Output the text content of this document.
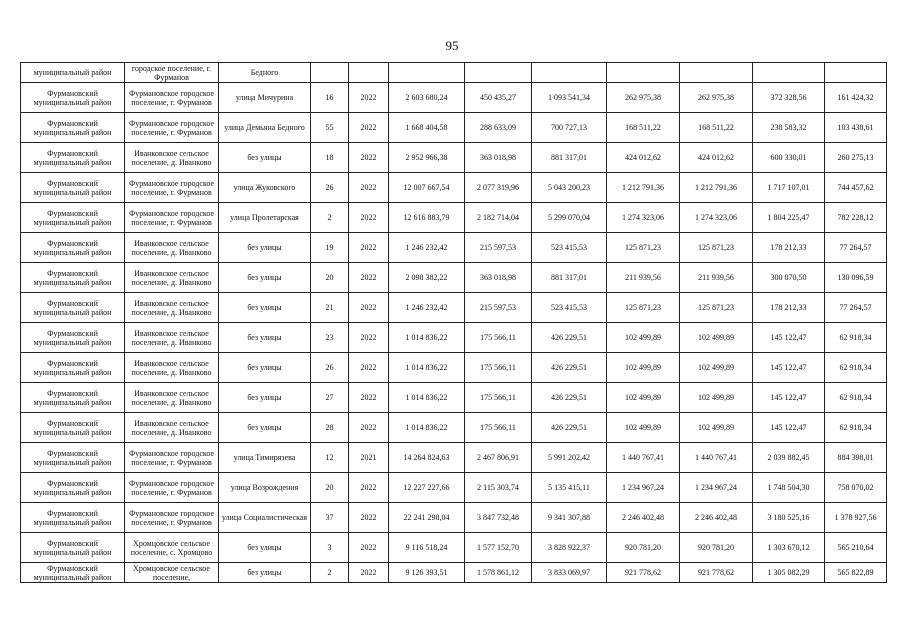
95
муниципальный район	городское поселение, г. Фурманов	Бедного									
Фурмановский муниципальный район	Фурмановское городское поселение, г. Фурманов	улица Мичурина	16	2022	2 603 680,24	450 435,27	1 093 541,34	262 975,38	262 975,38	372 328,56	161 424,32
Фурмановский муниципальный район	Фурмановское городское поселение, г. Фурманов	улица Демьяна Бедного	55	2022	1 668 404,58	288 633,09	700 727,13	168 511,22	168 511,22	238 583,32	103 438,61
Фурмановский муниципальный район	Иванковское сельское поселение, д. Иванково	без улицы	18	2022	2 952 966,38	363 018,98	881 317,01	424 012,62	424 012,62	600 330,01	260 275,13
Фурмановский муниципальный район	Фурмановское городское поселение, г. Фурманов	улица Жуковского	26	2022	12 007 667,54	2 077 319,96	5 043 200,23	1 212 791,36	1 212 791,36	1 717 107,01	744 457,62
Фурмановский муниципальный район	Фурмановское городское поселение, г. Фурманов	улица Пролетарская	2	2022	12 616 883,79	2 182 714,04	5 299 070,04	1 274 323,06	1 274 323,06	1 804 225,47	782 228,12
Фурмановский муниципальный район	Иванковское сельское поселение, д. Иванково	без улицы	19	2022	1 246 232,42	215 597,53	523 415,53	125 871,23	125 871,23	178 212,33	77 264,57
Фурмановский муниципальный район	Иванковское сельское поселение, д. Иванково	без улицы	20	2022	2 098 382,22	363 018,98	881 317,01	211 939,56	211 939,56	300 070,50	130 096,59
Фурмановский муниципальный район	Иванковское сельское поселение, д. Иванково	без улицы	21	2022	1 246 232,42	215 597,53	523 415,53	125 871,23	125 871,23	178 212,33	77 264,57
Фурмановский муниципальный район	Иванковское сельское поселение, д. Иванково	без улицы	23	2022	1 014 836,22	175 566,11	426 229,51	102 499,89	102 499,89	145 122,47	62 918,34
Фурмановский муниципальный район	Иванковское сельское поселение, д. Иванково	без улицы	26	2022	1 014 836,22	175 566,11	426 229,51	102 499,89	102 499,89	145 122,47	62 918,34
Фурмановский муниципальный район	Иванковское сельское поселение, д. Иванково	без улицы	27	2022	1 014 836,22	175 566,11	426 229,51	102 499,89	102 499,89	145 122,47	62 918,34
Фурмановский муниципальный район	Иванковское сельское поселение, д. Иванково	без улицы	28	2022	1 014 836,22	175 566,11	426 229,51	102 499,89	102 499,89	145 122,47	62 918,34
Фурмановский муниципальный район	Фурмановское городское поселение, г. Фурманов	улица Тимирязева	12	2021	14 264 824,63	2 467 806,91	5 991 202,42	1 440 767,41	1 440 767,41	2 039 882,45	884 398,01
Фурмановский муниципальный район	Фурмановское городское поселение, г. Фурманов	улица Возрождения	20	2022	12 227 227,66	2 115 303,74	5 135 415,11	1 234 967,24	1 234 967,24	1 748 504,30	758 070,02
Фурмановский муниципальный район	Фурмановское городское поселение, г. Фурманов	улица Социалистическая	37	2022	22 241 298,04	3 847 732,48	9 341 307,88	2 246 402,48	2 246 402,48	3 180 525,16	1 378 927,56
Фурмановский муниципальный район	Хромцовское сельское поселение, с. Хромцово	без улицы	3	2022	9 116 518,24	1 577 152,70	3 828 922,37	920 781,20	920 781,20	1 303 670,12	565 210,64
Фурмановский муниципальный район	Хромцовское сельское поселение,	без улицы	2	2022	9 126 393,51	1 578 861,12	3 833 069,97	921 778,62	921 778,62	1 305 082,29	565 822,89
